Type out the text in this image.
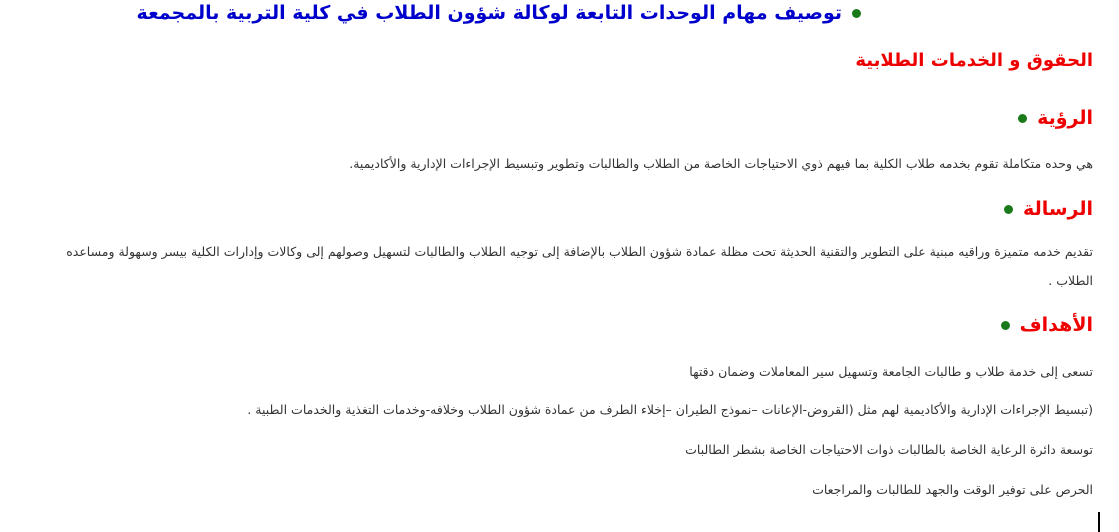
توصيف مهام الوحدات التابعة لوكالة شؤون الطلاب في كلية التربية بالمجمعة
الحقوق و الخدمات الطلابية
الرؤية

هي وحده متكاملة تقوم بخدمه طلاب الكلية بما فيهم ذوي الاحتياجات الخاصة من الطلاب والطالبات وتطوير وتبسيط الإجراءات الإدارية والأكاديمية.

الرسالة

تقديم خدمه متميزة وراقيه مبنية على التطوير والتقنية الحديثة تحت مظلة عمادة شؤون الطلاب بالإضافة إلى توجيه الطلاب والطالبات لتسهيل وصولهم إلى وكالات وإدارات الكلية بيسر وسهولة ومساعده

الطلاب .

الأهداف

تسعى إلى خدمة طلاب و طالبات الجامعة وتسهيل سير المعاملات وضمان دقتها

(تبسيط الإجراءات الإدارية والأكاديمية لهم مثل (القروض-الإعانات –نموذج الطيران –إخلاء الطرف من عمادة شؤون الطلاب وخلافه-وخدمات التغذية والخدمات الطبية .

توسعة دائرة الرعاية الخاصة بالطالبات ذوات الاحتياجات الخاصة بشطر الطالبات

الحرص على توفير الوقت والجهد للطالبات والمراجعات
